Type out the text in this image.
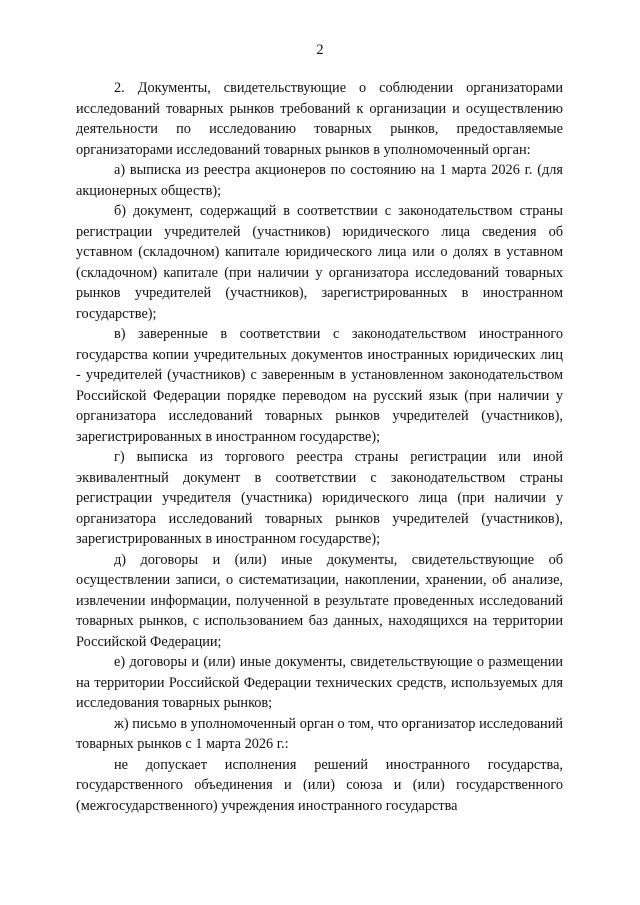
2

2. Документы, свидетельствующие о соблюдении организаторами исследований товарных рынков требований к организации и осуществлению деятельности по исследованию товарных рынков, предоставляемые организаторами исследований товарных рынков в уполномоченный орган:

а) выписка из реестра акционеров по состоянию на 1 марта 2026 г. (для акционерных обществ);

б) документ, содержащий в соответствии с законодательством страны регистрации учредителей (участников) юридического лица сведения об уставном (складочном) капитале юридического лица или о долях в уставном (складочном) капитале (при наличии у организатора исследований товарных рынков учредителей (участников), зарегистрированных в иностранном государстве);

в) заверенные в соответствии с законодательством иностранного государства копии учредительных документов иностранных юридических лиц - учредителей (участников) с заверенным в установленном законодательством Российской Федерации порядке переводом на русский язык (при наличии у организатора исследований товарных рынков учредителей (участников), зарегистрированных в иностранном государстве);

г) выписка из торгового реестра страны регистрации или иной эквивалентный документ в соответствии с законодательством страны регистрации учредителя (участника) юридического лица (при наличии у организатора исследований товарных рынков учредителей (участников), зарегистрированных в иностранном государстве);

д) договоры и (или) иные документы, свидетельствующие об осуществлении записи, о систематизации, накоплении, хранении, об анализе, извлечении информации, полученной в результате проведенных исследований товарных рынков, с использованием баз данных, находящихся на территории Российской Федерации;

е) договоры и (или) иные документы, свидетельствующие о размещении на территории Российской Федерации технических средств, используемых для исследования товарных рынков;

ж) письмо в уполномоченный орган о том, что организатор исследований товарных рынков с 1 марта 2026 г.:

не допускает исполнения решений иностранного государства, государственного объединения и (или) союза и (или) государственного (межгосударственного) учреждения иностранного государства
